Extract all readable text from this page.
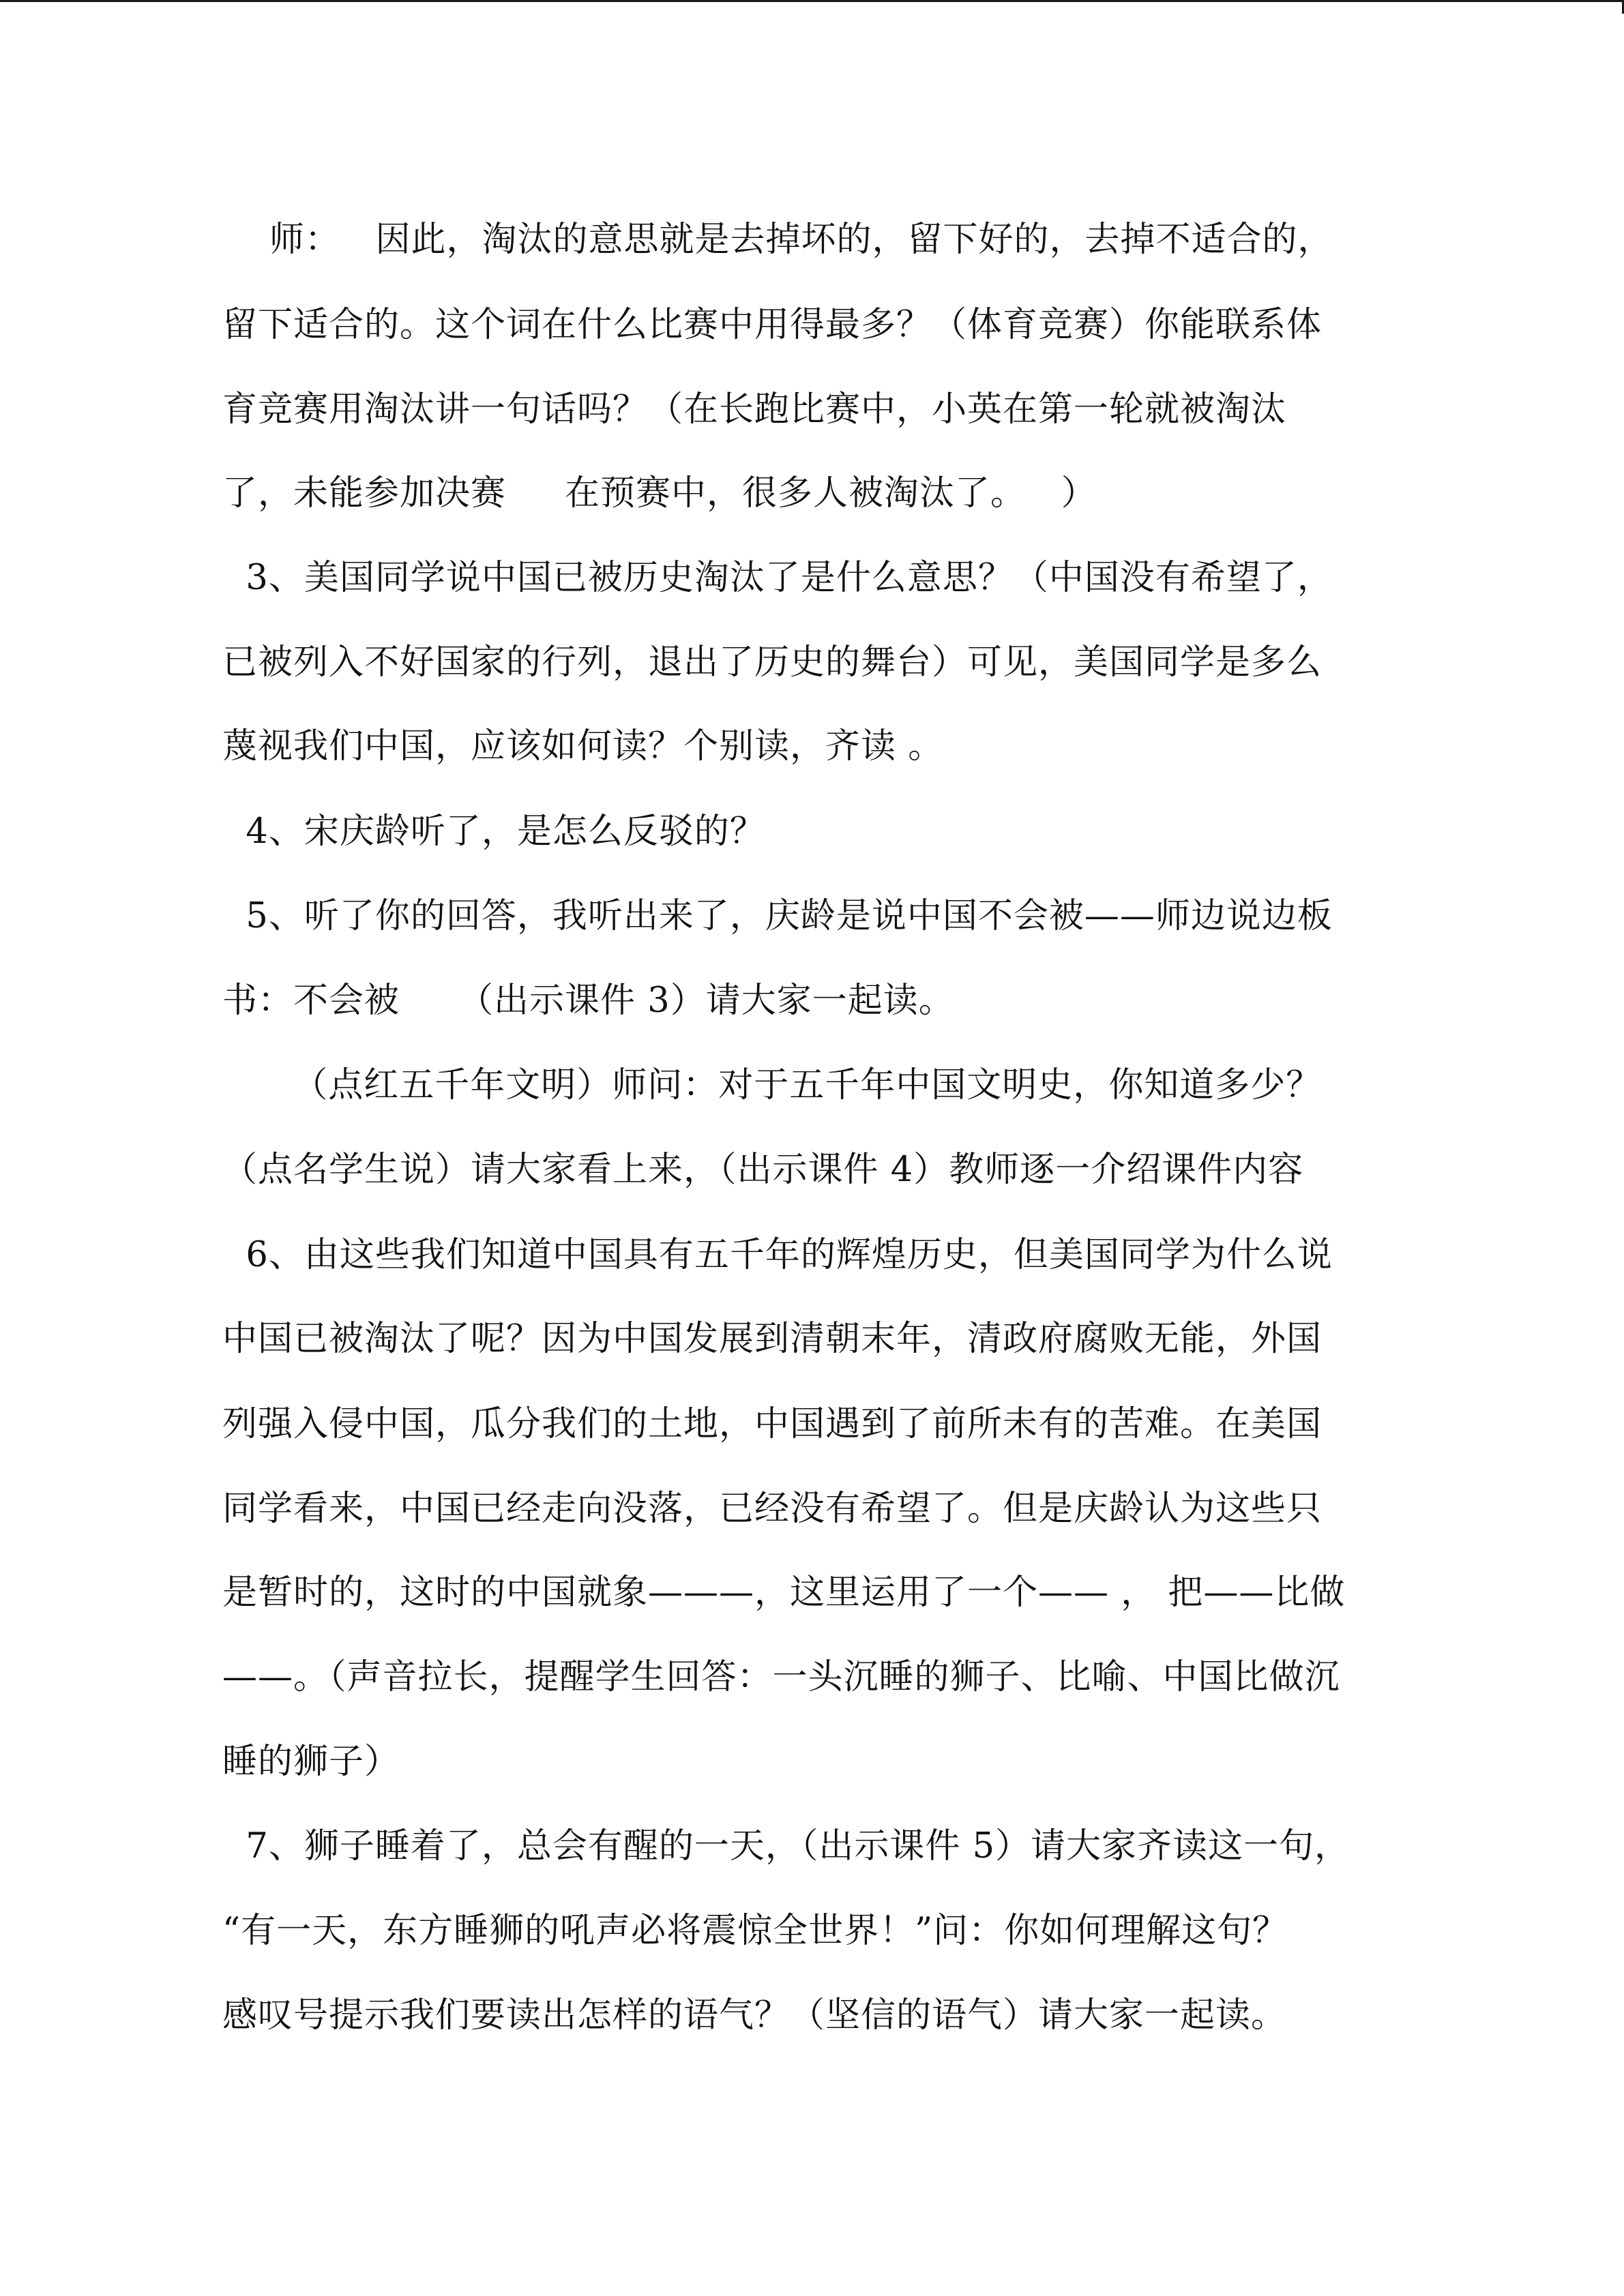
师：   因此，淘汰的意思就是去掉坏的，留下好的，去掉不适合的，
留下适合的。这个词在什么比赛中用得最多？（体育竞赛）你能联系体
育竞赛用淘汰讲一句话吗？（在长跑比赛中，小英在第一轮就被淘汰
了，未能参加决赛     在预赛中，很多人被淘汰了。   ）
3、美国同学说中国已被历史淘汰了是什么意思？（中国没有希望了，
已被列入不好国家的行列，退出了历史的舞台）可见，美国同学是多么
蔑视我们中国，应该如何读？个别读，齐读 。
4、宋庆龄听了，是怎么反驳的？
5、听了你的回答，我听出来了，庆龄是说中国不会被——师边说边板
书：不会被     （出示课件 3）请大家一起读。
（点红五千年文明）师问：对于五千年中国文明史，你知道多少？
（点名学生说）请大家看上来，（出示课件 4）教师逐一介绍课件内容
6、由这些我们知道中国具有五千年的辉煌历史，但美国同学为什么说
中国已被淘汰了呢？因为中国发展到清朝末年，清政府腐败无能，外国
列强入侵中国，瓜分我们的土地，中国遇到了前所未有的苦难。在美国
同学看来，中国已经走向没落，已经没有希望了。但是庆龄认为这些只
是暂时的，这时的中国就象———，这里运用了一个—— ， 把——比做
——。（声音拉长，提醒学生回答：一头沉睡的狮子、比喻、中国比做沉
睡的狮子）
7、狮子睡着了，总会有醒的一天，（出示课件 5）请大家齐读这一句，
“有一天，东方睡狮的吼声必将震惊全世界！”问：你如何理解这句？
感叹号提示我们要读出怎样的语气？（坚信的语气）请大家一起读。
